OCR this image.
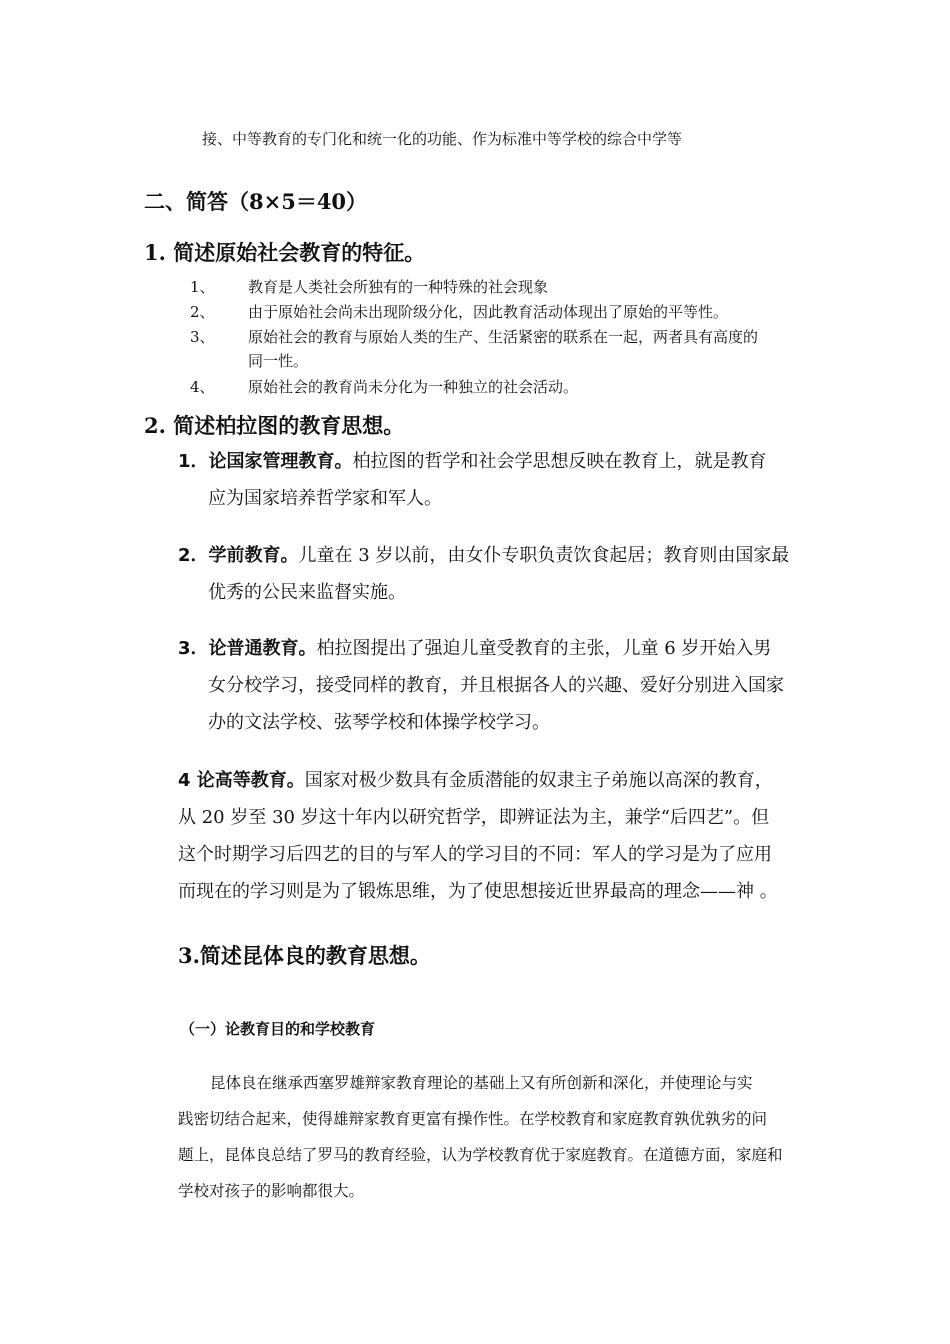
接、中等教育的专门化和统一化的功能、作为标准中等学校的综合中学等
二、简答（8×5＝40）
1. 简述原始社会教育的特征。
1、 教育是人类社会所独有的一种特殊的社会现象
2、 由于原始社会尚未出现阶级分化，因此教育活动体现出了原始的平等性。
3、 原始社会的教育与原始人类的生产、生活紧密的联系在一起，两者具有高度的
同一性。
4、 原始社会的教育尚未分化为一种独立的社会活动。
2. 简述柏拉图的教育思想。
1．论国家管理教育。柏拉图的哲学和社会学思想反映在教育上，就是教育
应为国家培养哲学家和军人。
2．学前教育。儿童在 3 岁以前，由女仆专职负责饮食起居；教育则由国家最
优秀的公民来监督实施。
3．论普通教育。柏拉图提出了强迫儿童受教育的主张，儿童 6 岁开始入男
女分校学习，接受同样的教育，并且根据各人的兴趣、爱好分别进入国家
办的文法学校、弦琴学校和体操学校学习。
4 论高等教育。国家对极少数具有金质潜能的奴隶主子弟施以高深的教育，
从 20 岁至 30 岁这十年内以研究哲学，即辨证法为主，兼学“后四艺”。但
这个时期学习后四艺的目的与军人的学习目的不同：军人的学习是为了应用
而现在的学习则是为了锻炼思维，为了使思想接近世界最高的理念——神 。
3.简述昆体良的教育思想。
（一）论教育目的和学校教育
昆体良在继承西塞罗雄辩家教育理论的基础上又有所创新和深化，并使理论与实
践密切结合起来，使得雄辩家教育更富有操作性。在学校教育和家庭教育孰优孰劣的问
题上，昆体良总结了罗马的教育经验，认为学校教育优于家庭教育。在道德方面，家庭和
学校对孩子的影响都很大。
